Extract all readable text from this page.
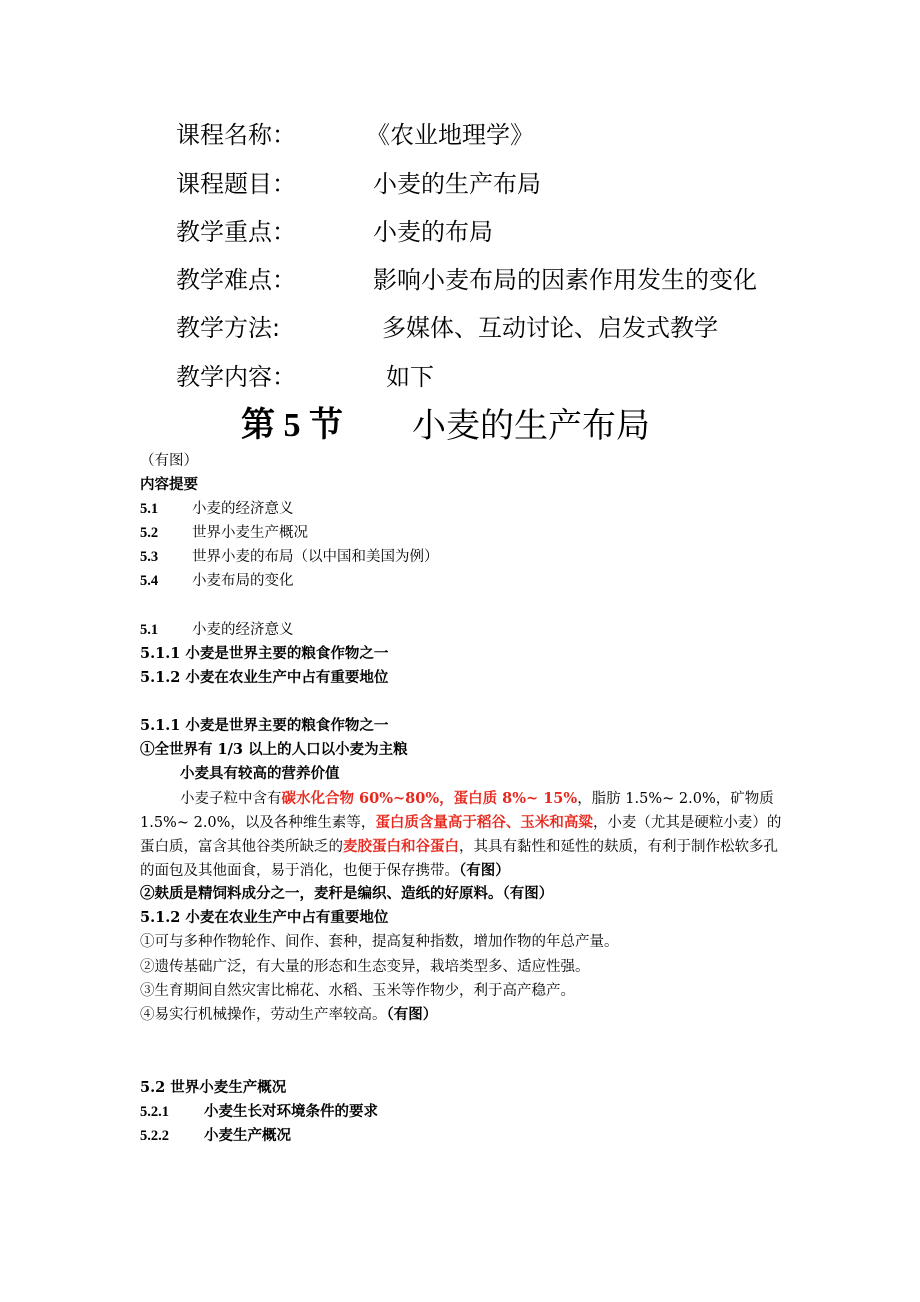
课程名称：	《农业地理学》
课程题目：	小麦的生产布局
教学重点：	小麦的布局
教学难点：	影响小麦布局的因素作用发生的变化
教学方法:	多媒体、互动讨论、启发式教学
教学内容：	如下
第 5 节 小麦的生产布局
（有图）
内容提要
5.1 小麦的经济意义
5.2 世界小麦生产概况
5.3 世界小麦的布局（以中国和美国为例）
5.4 小麦布局的变化
5.1 小麦的经济意义
5.1.1 小麦是世界主要的粮食作物之一
5.1.2 小麦在农业生产中占有重要地位
5.1.1 小麦是世界主要的粮食作物之一
①全世界有 1/3 以上的人口以小麦为主粮
小麦具有较高的营养价值
小麦子粒中含有碳水化合物 60%~80%，蛋白质 8%~ 15%，脂肪 1.5%~ 2.0%，矿物质 1.5%~ 2.0%，以及各种维生素等，蛋白质含量高于稻谷、玉米和高粱，小麦（尤其是硬粒小麦）的蛋白质，富含其他谷类所缺乏的麦胶蛋白和谷蛋白，其具有黏性和延性的麸质，有利于制作松软多孔的面包及其他面食，易于消化，也便于保存携带。（有图）
②麸质是精饲料成分之一，麦秆是编织、造纸的好原料。（有图）
5.1.2 小麦在农业生产中占有重要地位
①可与多种作物轮作、间作、套种，提高复种指数，增加作物的年总产量。
②遗传基础广泛，有大量的形态和生态变异，栽培类型多、适应性强。
③生育期间自然灾害比棉花、水稻、玉米等作物少，利于高产稳产。
④易实行机械操作，劳动生产率较高。（有图）
5.2 世界小麦生产概况
5.2.1 小麦生长对环境条件的要求
5.2.2 小麦生产概况
